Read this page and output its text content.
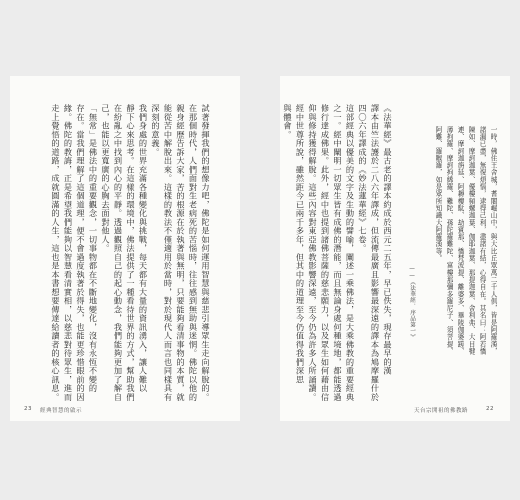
試著發揮我們的想像力吧，佛陀是如何運用智慧與慈悲引導眾生走向解脫的。
在那個時代，人們面對生老病死的苦惱時，往往感到無助與迷惘。佛陀以他的
親身經歷告訴大家，苦的根源在於執著與無明，只要能夠看清事物的本質，就
能從苦中解脫出來。這樣的教法不僅適用於當時，對於現代人而言也同樣具有
深刻的意義。
我們身處的世界充滿各種變化與挑戰，每天都有大量的資訊湧入，讓人難以
靜下心來思考。在這樣的環境中，佛法提供了一種看待世界的方式，幫助我們
在紛亂之中找到內心的平靜。透過觀照自己的起心動念，我們能夠更加了解自
己，也能以更寬廣的心胸去面對他人。
「無常」是佛法中的重要觀念，一切事物都在不斷地變化，沒有永恆不變的
存在。當我們理解了這個道理，便不會過度執著於得失，也能更珍惜眼前的因
緣。佛陀的教誨，正是希望我們能夠以智慧看清實相，以慈悲對待眾生，進而
走上覺悟的道路，成就圓滿的人生，這也是本書想要傳達給讀者的核心訊息。
23 經典智慧的啟示
一時，佛住王舍城，耆闍崛山中，與大比丘眾萬二千人俱，皆是阿羅漢，
諸漏已盡，無復煩惱，逮得己利，盡諸有結，心得自在。其名曰：阿若憍
陳如、摩訶迦葉、優樓頻螺迦葉、伽耶迦葉、那提迦葉、舍利弗、大目犍
連、摩訶迦旃延、阿耨樓駄、劫賓那、憍梵波提、離婆多、畢陵伽婆蹉、
薄拘羅、摩訶拘絺羅、難陀、孫陀羅難陀、富樓那彌多羅尼子、須菩提、
阿難、羅睺羅，如是眾所知識大阿羅漢等。
——《法華經．序品第一》
《法華經》最古老的譯本約成於西元二五年，早已佚失，現存最早的漢
譯本由竺法護於二八六年譯成，但流傳最廣且影響最深遠的譯本為鳩摩羅什於
四〇六年譯成的《妙法蓮華經》七卷。
這部經典以優美的文字及生動的譬喻，闡述一乘佛法，是大乘佛教的重要經典
之一。經中闡明一切眾生皆有成佛的潛能，而且無論身處何種境地，都能透過
修行達成佛果。此外，經中也提到諸佛菩薩的慈悲願力，以及眾生如何藉由信
仰與修持獲得解脫。這些內容對東亞佛教影響深遠，至今仍為許多人所誦讀。
經中世尊所說，雖然距今已兩千多年，但其中的道理至今仍值得我們深思
與體會。
天台宗開祖的佛教路	22
